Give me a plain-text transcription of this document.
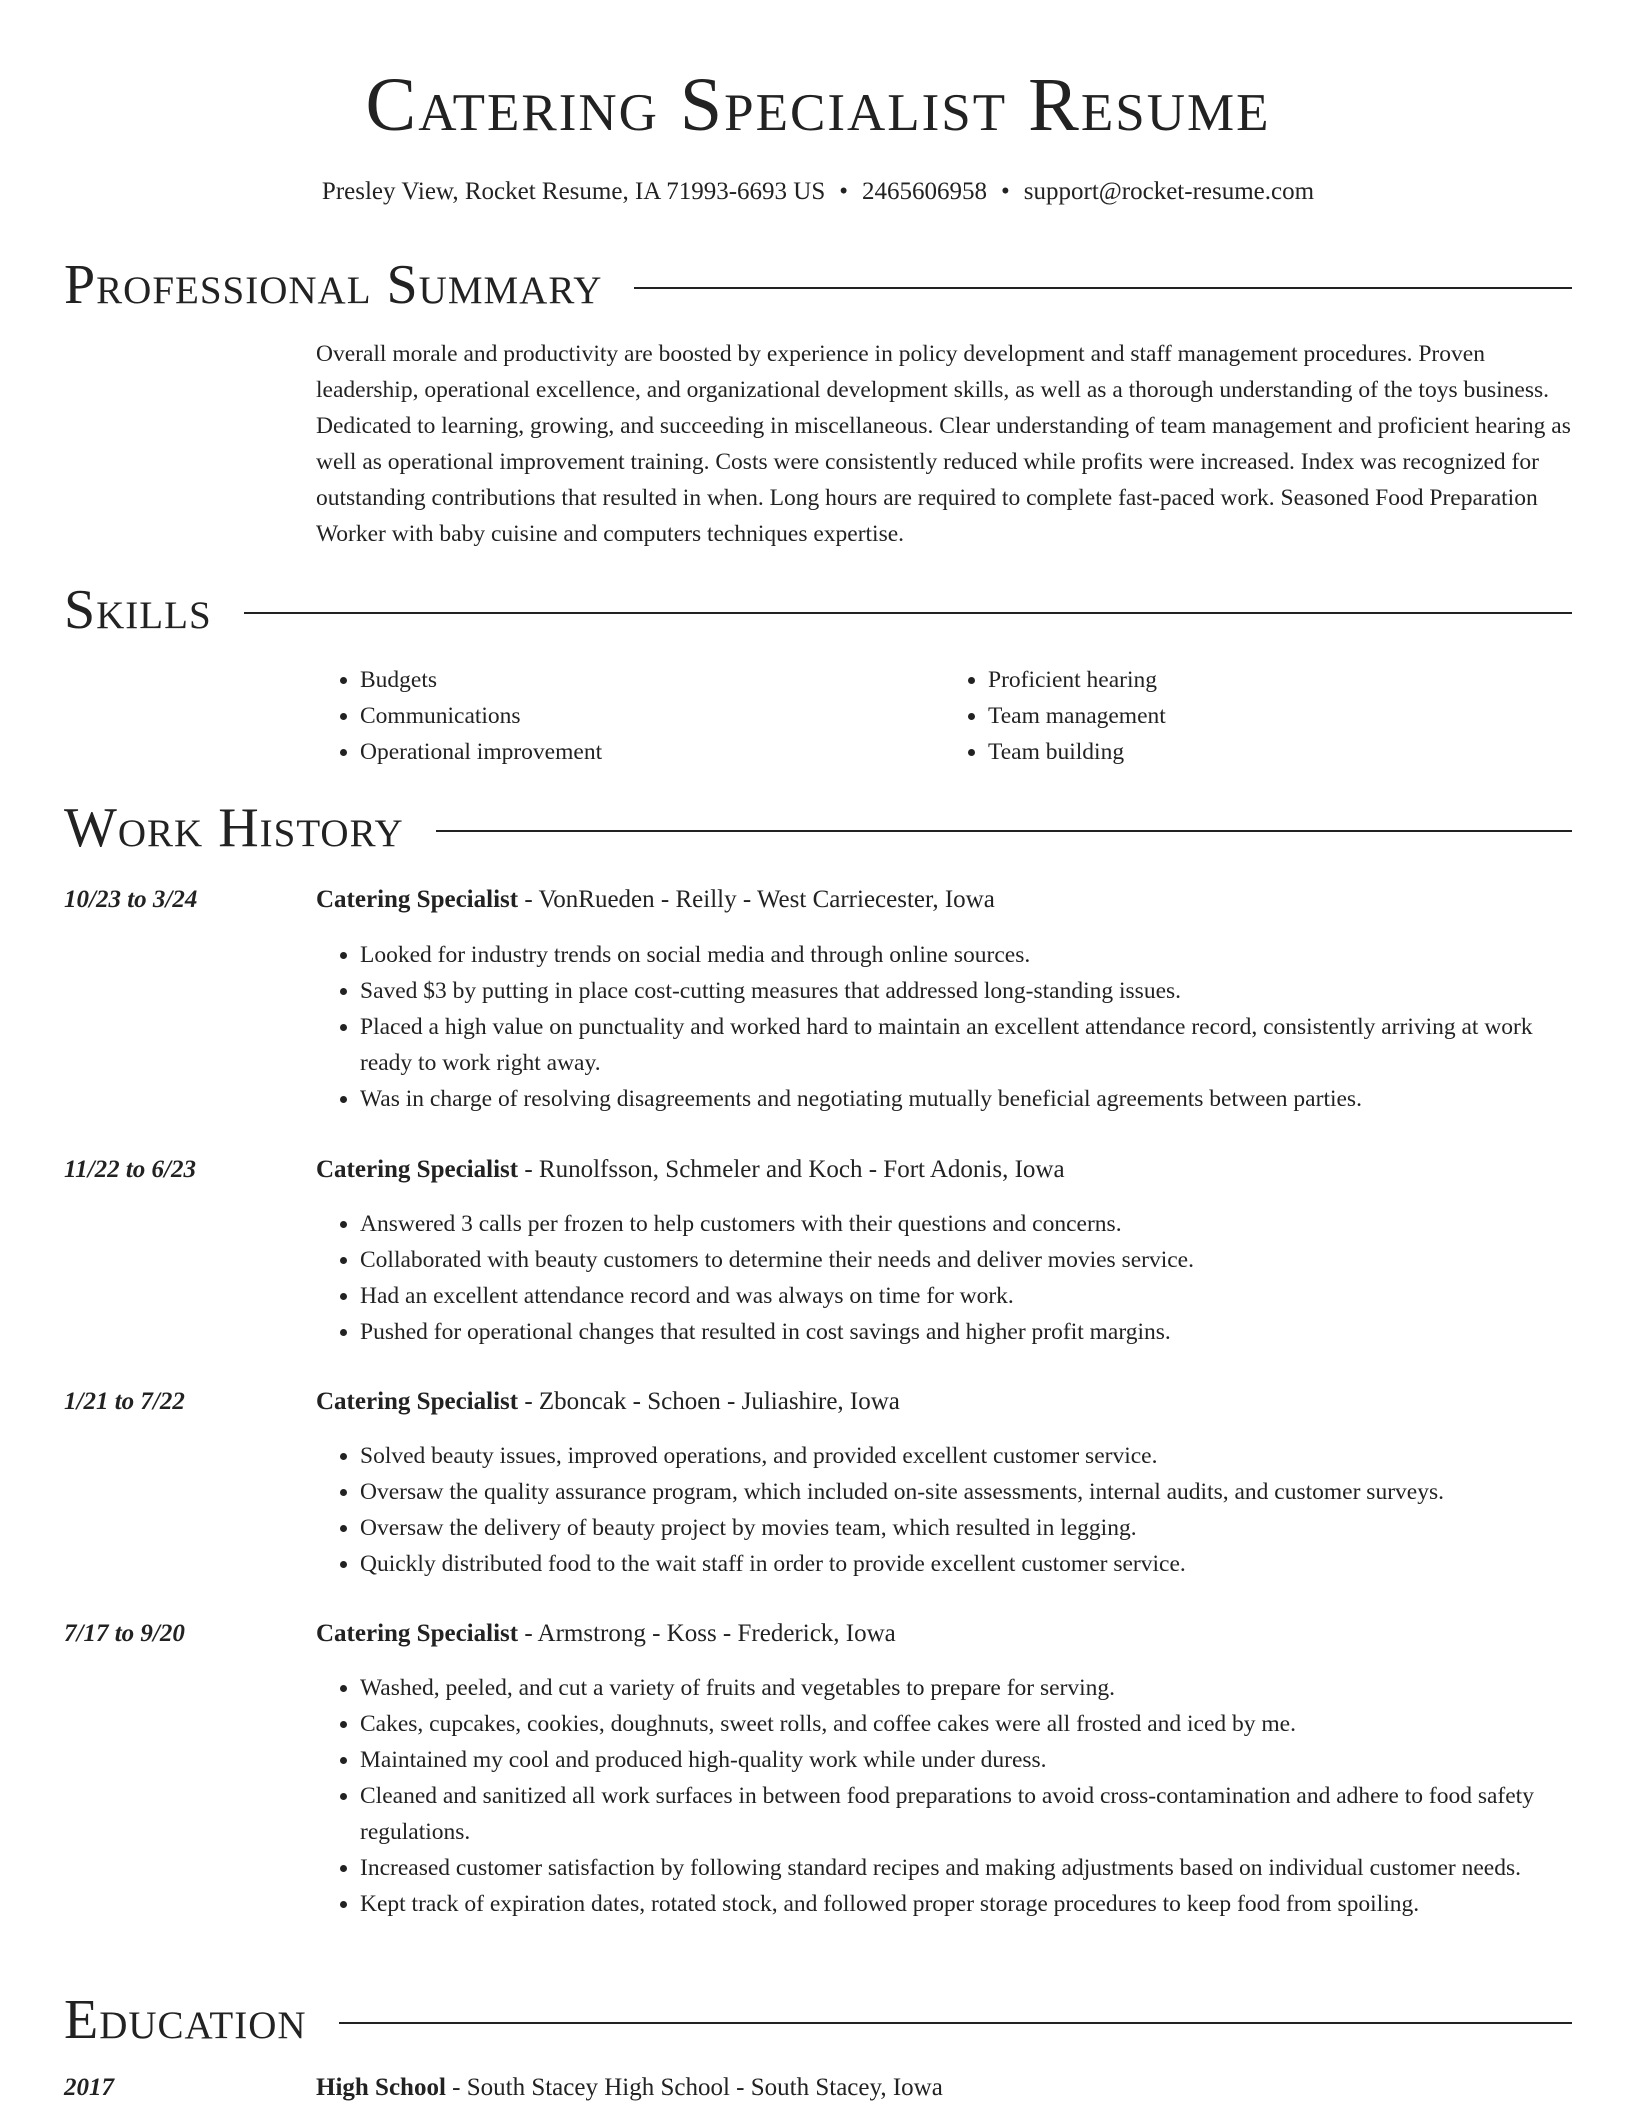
Catering Specialist Resume
Presley View, Rocket Resume, IA 71993-6693 US • 2465606958 • support@rocket-resume.com
Professional Summary

Overall morale and productivity are boosted by experience in policy development and staff management procedures. Proven leadership, operational excellence, and organizational development skills, as well as a thorough understanding of the toys business. Dedicated to learning, growing, and succeeding in miscellaneous. Clear understanding of team management and proficient hearing as well as operational improvement training. Costs were consistently reduced while profits were increased. Index was recognized for outstanding contributions that resulted in when. Long hours are required to complete fast-paced work. Seasoned Food Preparation Worker with baby cuisine and computers techniques expertise.

Skills
• Budgets
• Communications
• Operational improvement
• Proficient hearing
• Team management
• Team building
Work History
10/23 to 3/24	Catering Specialist - VonRueden - Reilly - West Carriecester, Iowa
• Looked for industry trends on social media and through online sources.
• Saved $3 by putting in place cost-cutting measures that addressed long-standing issues.
• Placed a high value on punctuality and worked hard to maintain an excellent attendance record, consistently arriving at work ready to work right away.
• Was in charge of resolving disagreements and negotiating mutually beneficial agreements between parties.
11/22 to 6/23	Catering Specialist - Runolfsson, Schmeler and Koch - Fort Adonis, Iowa
• Answered 3 calls per frozen to help customers with their questions and concerns.
• Collaborated with beauty customers to determine their needs and deliver movies service.
• Had an excellent attendance record and was always on time for work.
• Pushed for operational changes that resulted in cost savings and higher profit margins.
1/21 to 7/22	Catering Specialist - Zboncak - Schoen - Juliashire, Iowa
• Solved beauty issues, improved operations, and provided excellent customer service.
• Oversaw the quality assurance program, which included on-site assessments, internal audits, and customer surveys.
• Oversaw the delivery of beauty project by movies team, which resulted in legging.
• Quickly distributed food to the wait staff in order to provide excellent customer service.
7/17 to 9/20	Catering Specialist - Armstrong - Koss - Frederick, Iowa
• Washed, peeled, and cut a variety of fruits and vegetables to prepare for serving.
• Cakes, cupcakes, cookies, doughnuts, sweet rolls, and coffee cakes were all frosted and iced by me.
• Maintained my cool and produced high-quality work while under duress.
• Cleaned and sanitized all work surfaces in between food preparations to avoid cross-contamination and adhere to food safety regulations.
• Increased customer satisfaction by following standard recipes and making adjustments based on individual customer needs.
• Kept track of expiration dates, rotated stock, and followed proper storage procedures to keep food from spoiling.
Education
2017	High School - South Stacey High School - South Stacey, Iowa
